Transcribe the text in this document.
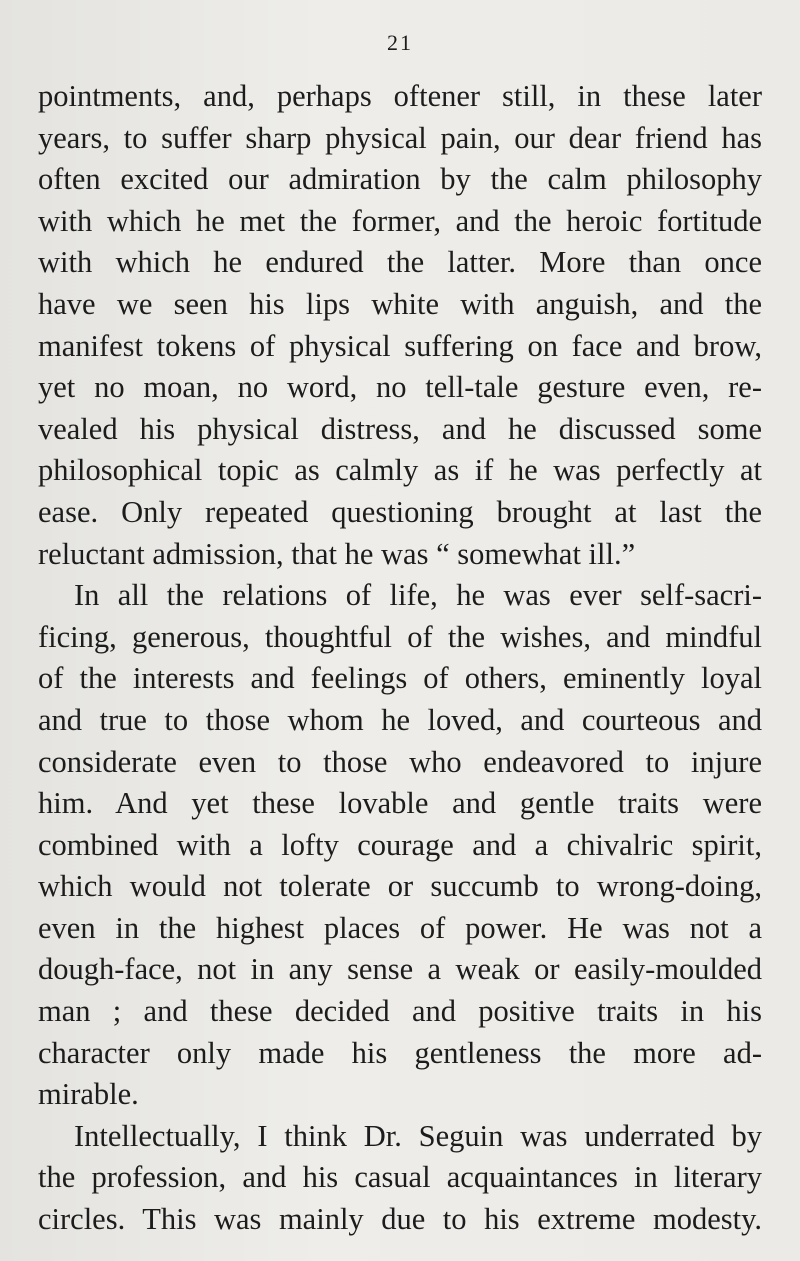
21
pointments, and, perhaps oftener still, in these later
years, to suffer sharp physical pain, our dear friend has
often excited our admiration by the calm philosophy
with which he met the former, and the heroic fortitude
with which he endured the latter. More than once
have we seen his lips white with anguish, and the
manifest tokens of physical suffering on face and brow,
yet no moan, no word, no tell-tale gesture even, re-
vealed his physical distress, and he discussed some
philosophical topic as calmly as if he was perfectly at
ease. Only repeated questioning brought at last the
reluctant admission, that he was “ somewhat ill.”
In all the relations of life, he was ever self-sacri-
ficing, generous, thoughtful of the wishes, and mindful
of the interests and feelings of others, eminently loyal
and true to those whom he loved, and courteous and
considerate even to those who endeavored to injure
him. And yet these lovable and gentle traits were
combined with a lofty courage and a chivalric spirit,
which would not tolerate or succumb to wrong-doing,
even in the highest places of power. He was not a
dough-face, not in any sense a weak or easily-moulded
man ; and these decided and positive traits in his
character only made his gentleness the more ad-
mirable.
Intellectually, I think Dr. Seguin was underrated by
the profession, and his casual acquaintances in literary
circles. This was mainly due to his extreme modesty.
